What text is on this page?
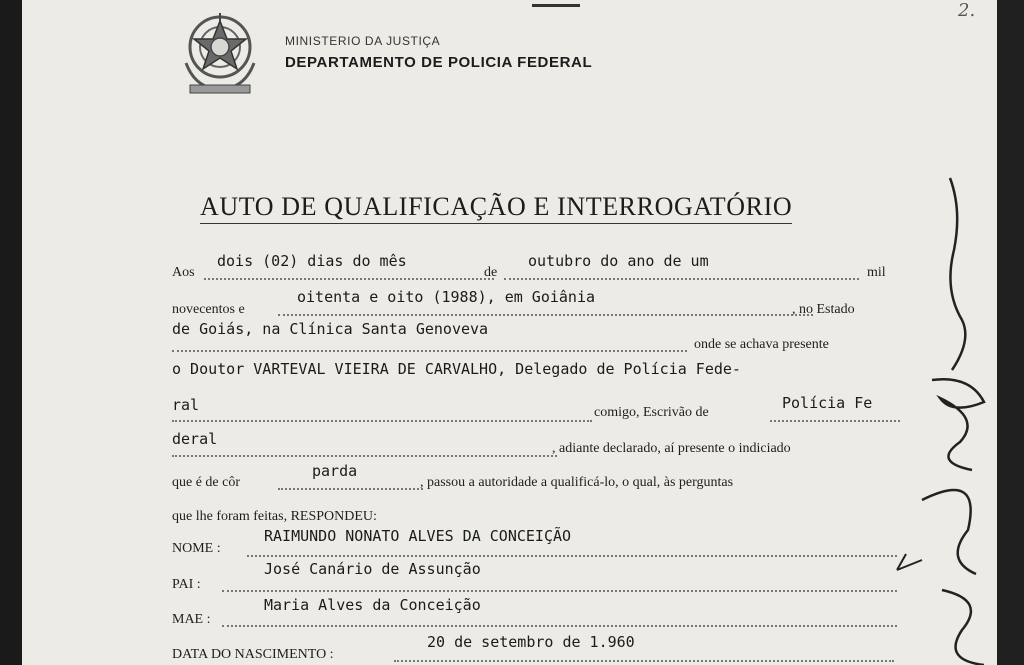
2.
MINISTERIO DA JUSTIÇA
DEPARTAMENTO DE POLICIA FEDERAL
AUTO DE QUALIFICAÇÃO E INTERROGATÓRIO
Aos
dois (02) dias do mês
de
outubro do ano de um
mil
novecentos e
oitenta e oito (1988), em Goiânia
, no Estado
de Goiás, na Clínica Santa Genoveva
onde se achava presente
o Doutor VARTEVAL VIEIRA DE CARVALHO, Delegado de Polícia Fede-
ral	comigo, Escrivão de
Polícia Fe
deral
, adiante declarado, aí presente o indiciado
que é de côr
parda
, passou a autoridade a qualificá-lo, o qual, às perguntas
que lhe foram feitas, RESPONDEU:
NOME :
RAIMUNDO NONATO ALVES DA CONCEIÇÃO
PAI :
José Canário de Assunção
MAE :
Maria Alves da Conceição
DATA DO NASCIMENTO :
20 de setembro de 1.960
